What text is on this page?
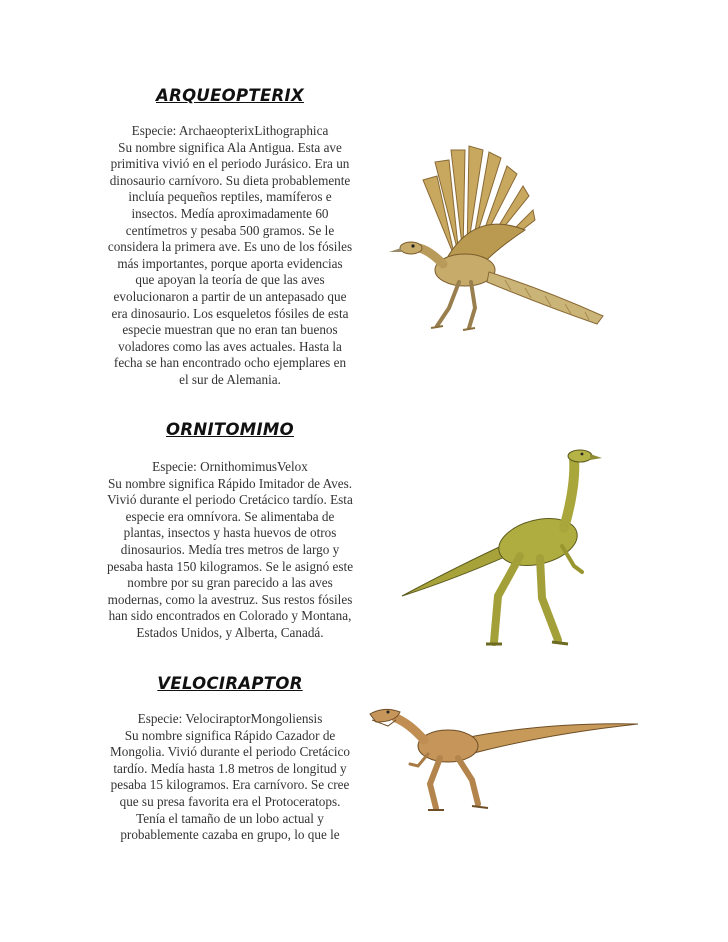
ARQUEOPTERIX
Especie: ArchaeopterixLithographica
Su nombre significa Ala Antigua. Esta ave
primitiva vivió en el periodo Jurásico. Era un
dinosaurio carnívoro. Su dieta probablemente
incluía pequeños reptiles, mamíferos e
insectos. Medía aproximadamente 60
centímetros y pesaba 500 gramos. Se le
considera la primera ave. Es uno de los fósiles
más importantes, porque aporta evidencias
que apoyan la teoría de que las aves
evolucionaron a partir de un antepasado que
era dinosaurio. Los esqueletos fósiles de esta
especie muestran que no eran tan buenos
voladores como las aves actuales. Hasta la
fecha se han encontrado ocho ejemplares en
el sur de Alemania.
ORNITOMIMO
Especie: OrnithomimusVelox
Su nombre significa Rápido Imitador de Aves.
Vivió durante el periodo Cretácico tardío. Esta
especie era omnívora. Se alimentaba de
plantas, insectos y hasta huevos de otros
dinosaurios. Medía tres metros de largo y
pesaba hasta 150 kilogramos. Se le asignó este
nombre por su gran parecido a las aves
modernas, como la avestruz. Sus restos fósiles
han sido encontrados en Colorado y Montana,
Estados Unidos, y Alberta, Canadá.
VELOCIRAPTOR
Especie: VelociraptorMongoliensis
Su nombre significa Rápido Cazador de
Mongolia. Vivió durante el periodo Cretácico
tardío. Medía hasta 1.8 metros de longitud y
pesaba 15 kilogramos. Era carnívoro. Se cree
que su presa favorita era el Protoceratops.
Tenía el tamaño de un lobo actual y
probablemente cazaba en grupo, lo que le
